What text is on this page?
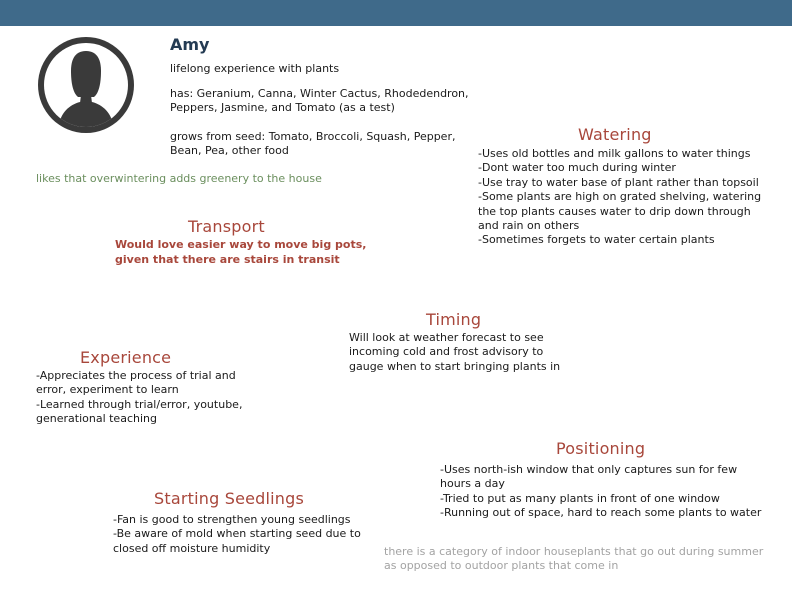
Amy
lifelong experience with plants
has: Geranium, Canna, Winter Cactus, Rhodedendron,
Peppers, Jasmine, and Tomato (as a test)
grows from seed: Tomato, Broccoli, Squash, Pepper,
Bean, Pea, other food
likes that overwintering adds greenery to the house
Watering
-Uses old bottles and milk gallons to water things
-Dont water too much during winter
-Use tray to water base of plant rather than topsoil
-Some plants are high on grated shelving, watering
the top plants causes water to drip down through
and rain on others
-Sometimes forgets to water certain plants
Transport
Would love easier way to move big pots,
given that there are stairs in transit
Timing
Will look at weather forecast to see
incoming cold and frost advisory to
gauge when to start bringing plants in
Experience
-Appreciates the process of trial and
error, experiment to learn
-Learned through trial/error, youtube,
generational teaching
Positioning
-Uses north-ish window that only captures sun for few
hours a day
-Tried to put as many plants in front of one window
-Running out of space, hard to reach some plants to water
Starting Seedlings
-Fan is good to strengthen young seedlings
-Be aware of mold when starting seed due to
closed off moisture humidity	there is a category of indoor houseplants that go out during summer
as opposed to outdoor plants that come in
